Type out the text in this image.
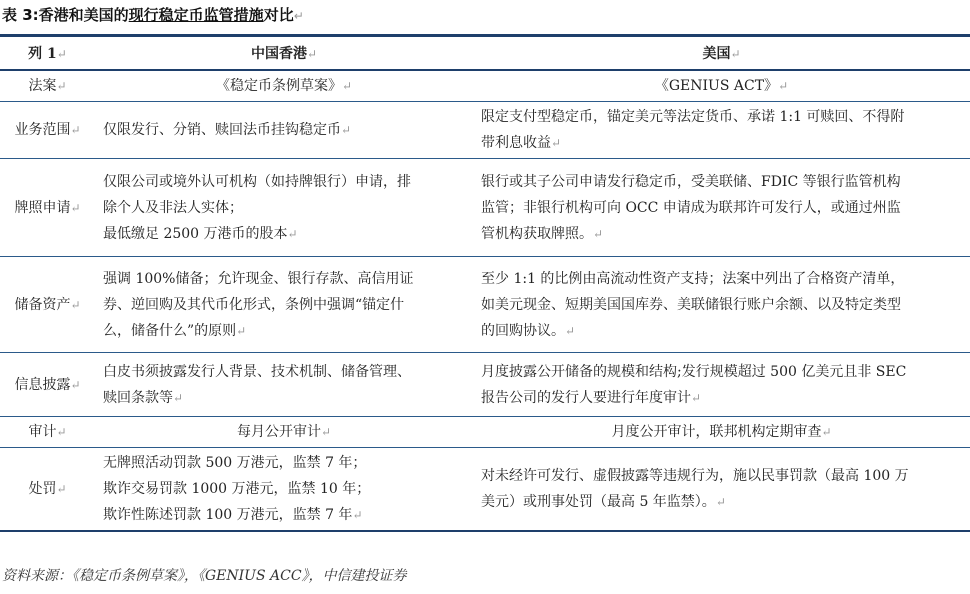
表 3:香港和美国的现行稳定币监管措施对比↵
列 1↵	中国香港↵	美国↵
法案↵	《稳定币条例草案》↵	《GENIUS ACT》↵

业务范围↵	仅限发行、分销、赎回法币挂钩稳定币↵	限定支付型稳定币，锚定美元等法定货币、承诺 1:1 可赎回、不得附
带利息收益↵

牌照申请↵	仅限公司或境外认可机构（如持牌银行）申请，排
除个人及非法人实体；
最低缴足 2500 万港币的股本↵	银行或其子公司申请发行稳定币，受美联储、FDIC 等银行监管机构
监管；非银行机构可向 OCC 申请成为联邦许可发行人，或通过州监
管机构获取牌照。↵

储备资产↵	强调 100%储备；允许现金、银行存款、高信用证
券、逆回购及其代币化形式，条例中强调“锚定什
么，储备什么”的原则↵	至少 1:1 的比例由高流动性资产支持；法案中列出了合格资产清单，
如美元现金、短期美国国库券、美联储银行账户余额、以及特定类型
的回购协议。↵

信息披露↵	白皮书须披露发行人背景、技术机制、储备管理、
赎回条款等↵	月度披露公开储备的规模和结构;发行规模超过 500 亿美元且非 SEC
报告公司的发行人要进行年度审计↵

审计↵	每月公开审计↵	月度公开审计，联邦机构定期审查↵

处罚↵	无牌照活动罚款 500 万港元，监禁 7 年；
欺诈交易罚款 1000 万港元，监禁 10 年；
欺诈性陈述罚款 100 万港元，监禁 7 年↵	对未经许可发行、虚假披露等违规行为，施以民事罚款（最高 100 万
美元）或刑事处罚（最高 5 年监禁）。↵
资料来源：《稳定币条例草案》，《GENIUS ACC》，中信建投证券
